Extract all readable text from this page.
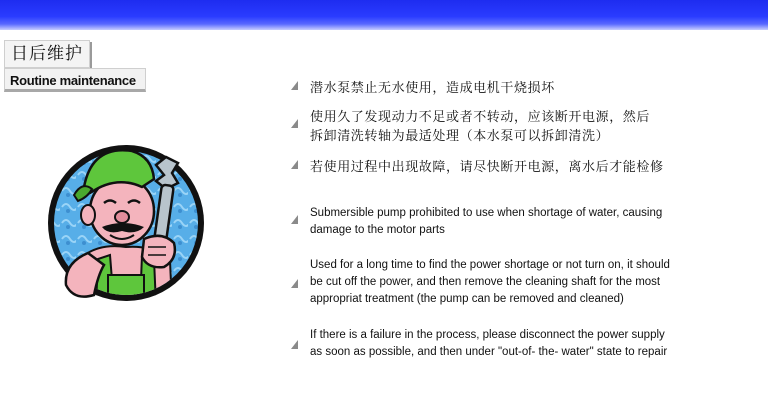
日后维护
Routine maintenance
潜水泵禁止无水使用，造成电机干烧损坏
使用久了发现动力不足或者不转动，应该断开电源，然后
拆卸清洗转轴为最适处理（本水泵可以拆卸清洗）
若使用过程中出现故障，请尽快断开电源，离水后才能检修
Submersible pump prohibited to use when shortage of water, causing
damage to the motor parts
Used for a long time to find the power shortage or not turn on, it should
be cut off the power, and then remove the cleaning shaft for the most
appropriat treatment (the pump can be removed and cleaned)
If there is a failure in the process, please disconnect the power supply
as soon as possible, and then under "out-of- the- water" state to repair
